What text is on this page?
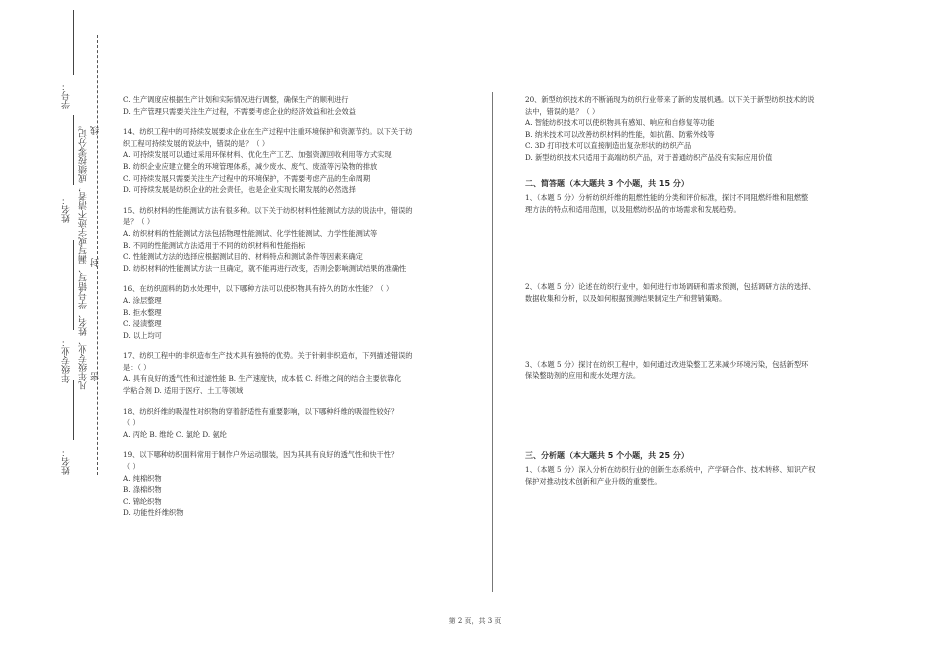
学号：
姓名：
年级专业：
姓名：
凡年级专业、姓名、学号错写、漏写或字迹不清者，成绩按零分记。 线
封
密

C. 生产调度应根据生产计划和实际情况进行调整，确保生产的顺利进行

D. 生产管理只需要关注生产过程，不需要考虑企业的经济效益和社会效益

14、纺织工程中的可持续发展要求企业在生产过程中注重环境保护和资源节约。以下关于纺

织工程可持续发展的说法中，错误的是？（ ）

A. 可持续发展可以通过采用环保材料、优化生产工艺、加强资源回收利用等方式实现

B. 纺织企业应建立健全的环境管理体系，减少废水、废气、废渣等污染物的排放

C. 可持续发展只需要关注生产过程中的环境保护，不需要考虑产品的生命周期

D. 可持续发展是纺织企业的社会责任，也是企业实现长期发展的必然选择

15、纺织材料的性能测试方法有很多种。以下关于纺织材料性能测试方法的说法中，错误的

是？（ ）

A. 纺织材料的性能测试方法包括物理性能测试、化学性能测试、力学性能测试等

B. 不同的性能测试方法适用于不同的纺织材料和性能指标

C. 性能测试方法的选择应根据测试目的、材料特点和测试条件等因素来确定

D. 纺织材料的性能测试方法一旦确定，就不能再进行改变，否则会影响测试结果的准确性

16、在纺织面料的防水处理中，以下哪种方法可以使织物具有持久的防水性能？（ ）

A. 涂层整理

B. 拒水整理

C. 浸渍整理

D. 以上均可

17、纺织工程中的非织造布生产技术具有独特的优势。关于针刺非织造布，下列描述错误的

是：（ ）

A. 具有良好的透气性和过滤性能 B. 生产速度快，成本低 C. 纤维之间的结合主要依靠化

学粘合剂 D. 适用于医疗、土工等领域

18、纺织纤维的吸湿性对织物的穿着舒适性有重要影响，以下哪种纤维的吸湿性较好？

（ ）

A. 丙纶 B. 维纶 C. 氯纶 D. 氨纶

19、以下哪种纺织面料常用于制作户外运动服装，因为其具有良好的透气性和快干性？

（ ）

A. 纯棉织物

B. 涤棉织物

C. 锦纶织物

D. 功能性纤维织物

20、新型纺织技术的不断涌现为纺织行业带来了新的发展机遇。以下关于新型纺织技术的说

法中，错误的是？（ ）

A. 智能纺织技术可以使织物具有感知、响应和自修复等功能

B. 纳米技术可以改善纺织材料的性能，如抗菌、防紫外线等

C. 3D 打印技术可以直接制造出复杂形状的纺织产品

D. 新型纺织技术只适用于高端纺织产品，对于普通纺织产品没有实际应用价值

二、简答题（本大题共 3 个小题，共 15 分）

1、（本题 5 分）分析纺织纤维的阻燃性能的分类和评价标准，探讨不同阻燃纤维和阻燃整

理方法的特点和适用范围，以及阻燃纺织品的市场需求和发展趋势。

2、（本题 5 分）论述在纺织行业中，如何进行市场调研和需求预测，包括调研方法的选择、

数据收集和分析，以及如何根据预测结果制定生产和营销策略。

3、（本题 5 分）探讨在纺织工程中，如何通过改进染整工艺来减少环境污染，包括新型环

保染整助剂的应用和废水处理方法。

三、分析题（本大题共 5 个小题，共 25 分）

1、（本题 5 分）深入分析在纺织行业的创新生态系统中，产学研合作、技术转移、知识产权

保护对推动技术创新和产业升级的重要性。

第 2 页，共 3 页
